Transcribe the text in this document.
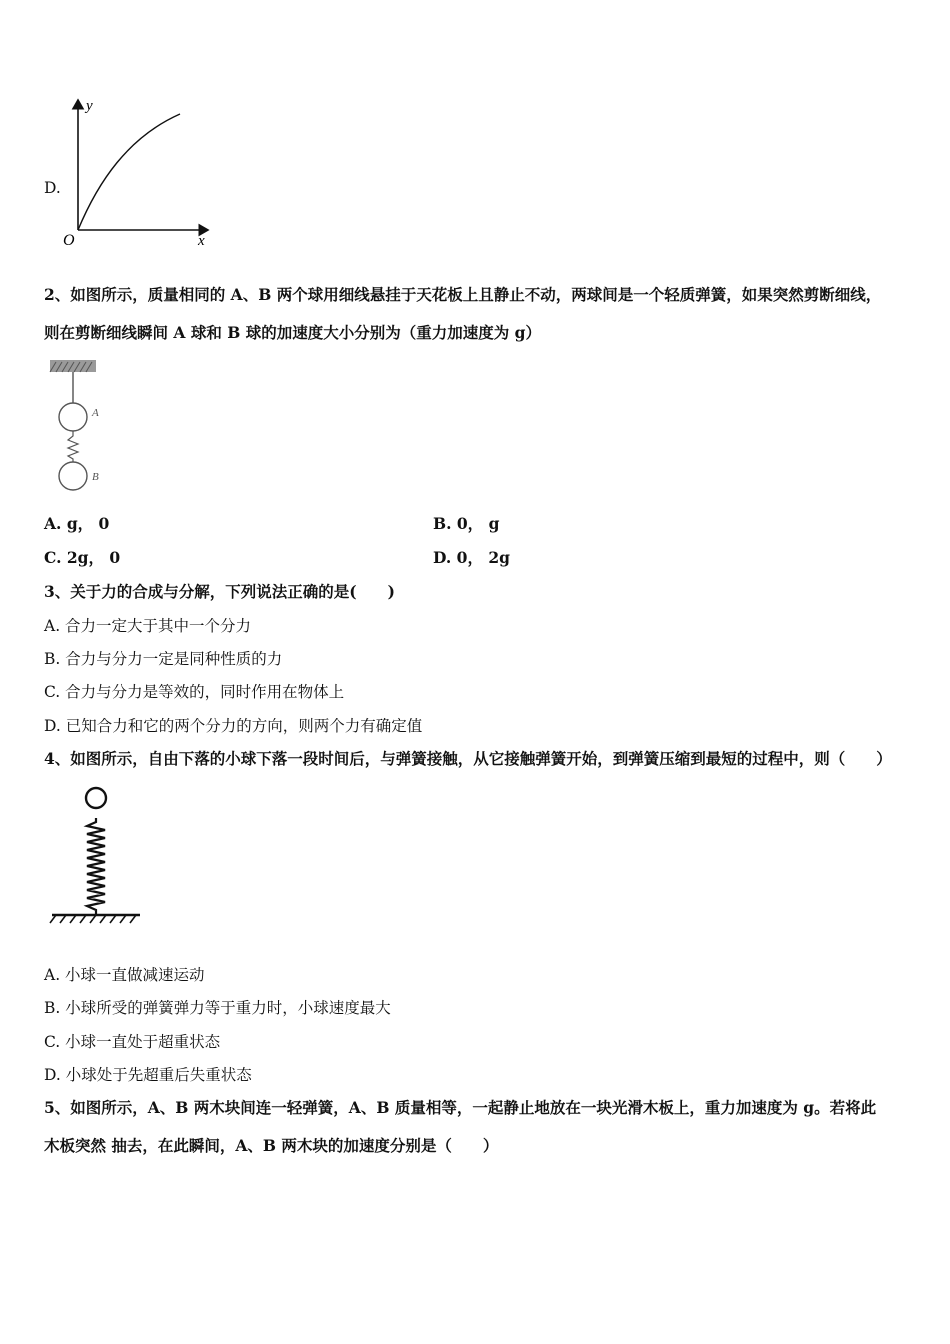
D.
y
x
O
2、如图所示，质量相同的 A、B 两个球用细线悬挂于天花板上且静止不动，两球间是一个轻质弹簧，如果突然剪断细线，
则在剪断细线瞬间 A 球和 B 球的加速度大小分别为（重力加速度为 g）
A
B
A. g， 0	B. 0， g
C. 2g， 0	D. 0， 2g
3、关于力的合成与分解，下列说法正确的是(　　)
A. 合力一定大于其中一个分力
B. 合力与分力一定是同种性质的力
C. 合力与分力是等效的，同时作用在物体上
D. 已知合力和它的两个分力的方向，则两个力有确定值
4、如图所示，自由下落的小球下落一段时间后，与弹簧接触，从它接触弹簧开始，到弹簧压缩到最短的过程中，则（　　）
A. 小球一直做减速运动
B. 小球所受的弹簧弹力等于重力时，小球速度最大
C. 小球一直处于超重状态
D. 小球处于先超重后失重状态
5、如图所示，A、B 两木块间连一轻弹簧，A、B 质量相等，一起静止地放在一块光滑木板上，重力加速度为 g。若将此
木板突然 抽去，在此瞬间，A、B 两木块的加速度分别是（　　）
